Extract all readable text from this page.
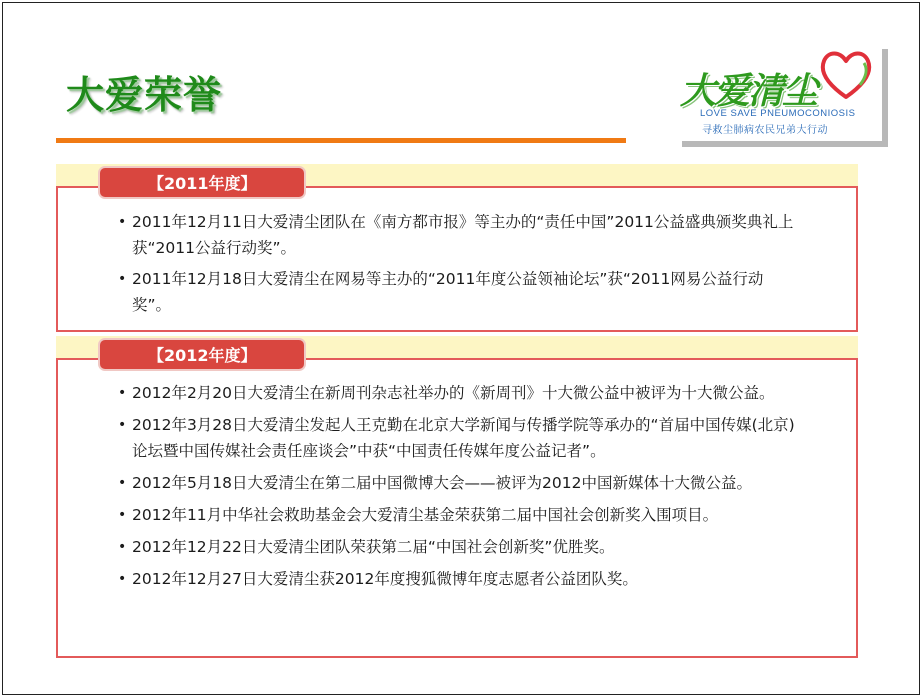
大爱荣誉	大爱清尘
LOVE SAVE PNEUMOCONIOSIS
寻救尘肺病农民兄弟大行动
【2011年度】
• 2011年12月11日大爱清尘团队在《南方都市报》等主办的“责任中国”2011公益盛典颁奖典礼上 获“2011公益行动奖”。
• 2011年12月18日大爱清尘在网易等主办的“2011年度公益领袖论坛”获“2011网易公益行动奖”。
【2012年度】
• 2012年2月20日大爱清尘在新周刊杂志社举办的《新周刊》十大微公益中被评为十大微公益。
• 2012年3月28日大爱清尘发起人王克勤在北京大学新闻与传播学院等承办的“首届中国传媒(北京)论坛暨中国传媒社会责任座谈会”中获“中国责任传媒年度公益记者”。
• 2012年5月18日大爱清尘在第二届中国微博大会——被评为2012中国新媒体十大微公益。
• 2012年11月中华社会救助基金会大爱清尘基金荣获第二届中国社会创新奖入围项目。
• 2012年12月22日大爱清尘团队荣获第二届“中国社会创新奖”优胜奖。
• 2012年12月27日大爱清尘获2012年度搜狐微博年度志愿者公益团队奖。
